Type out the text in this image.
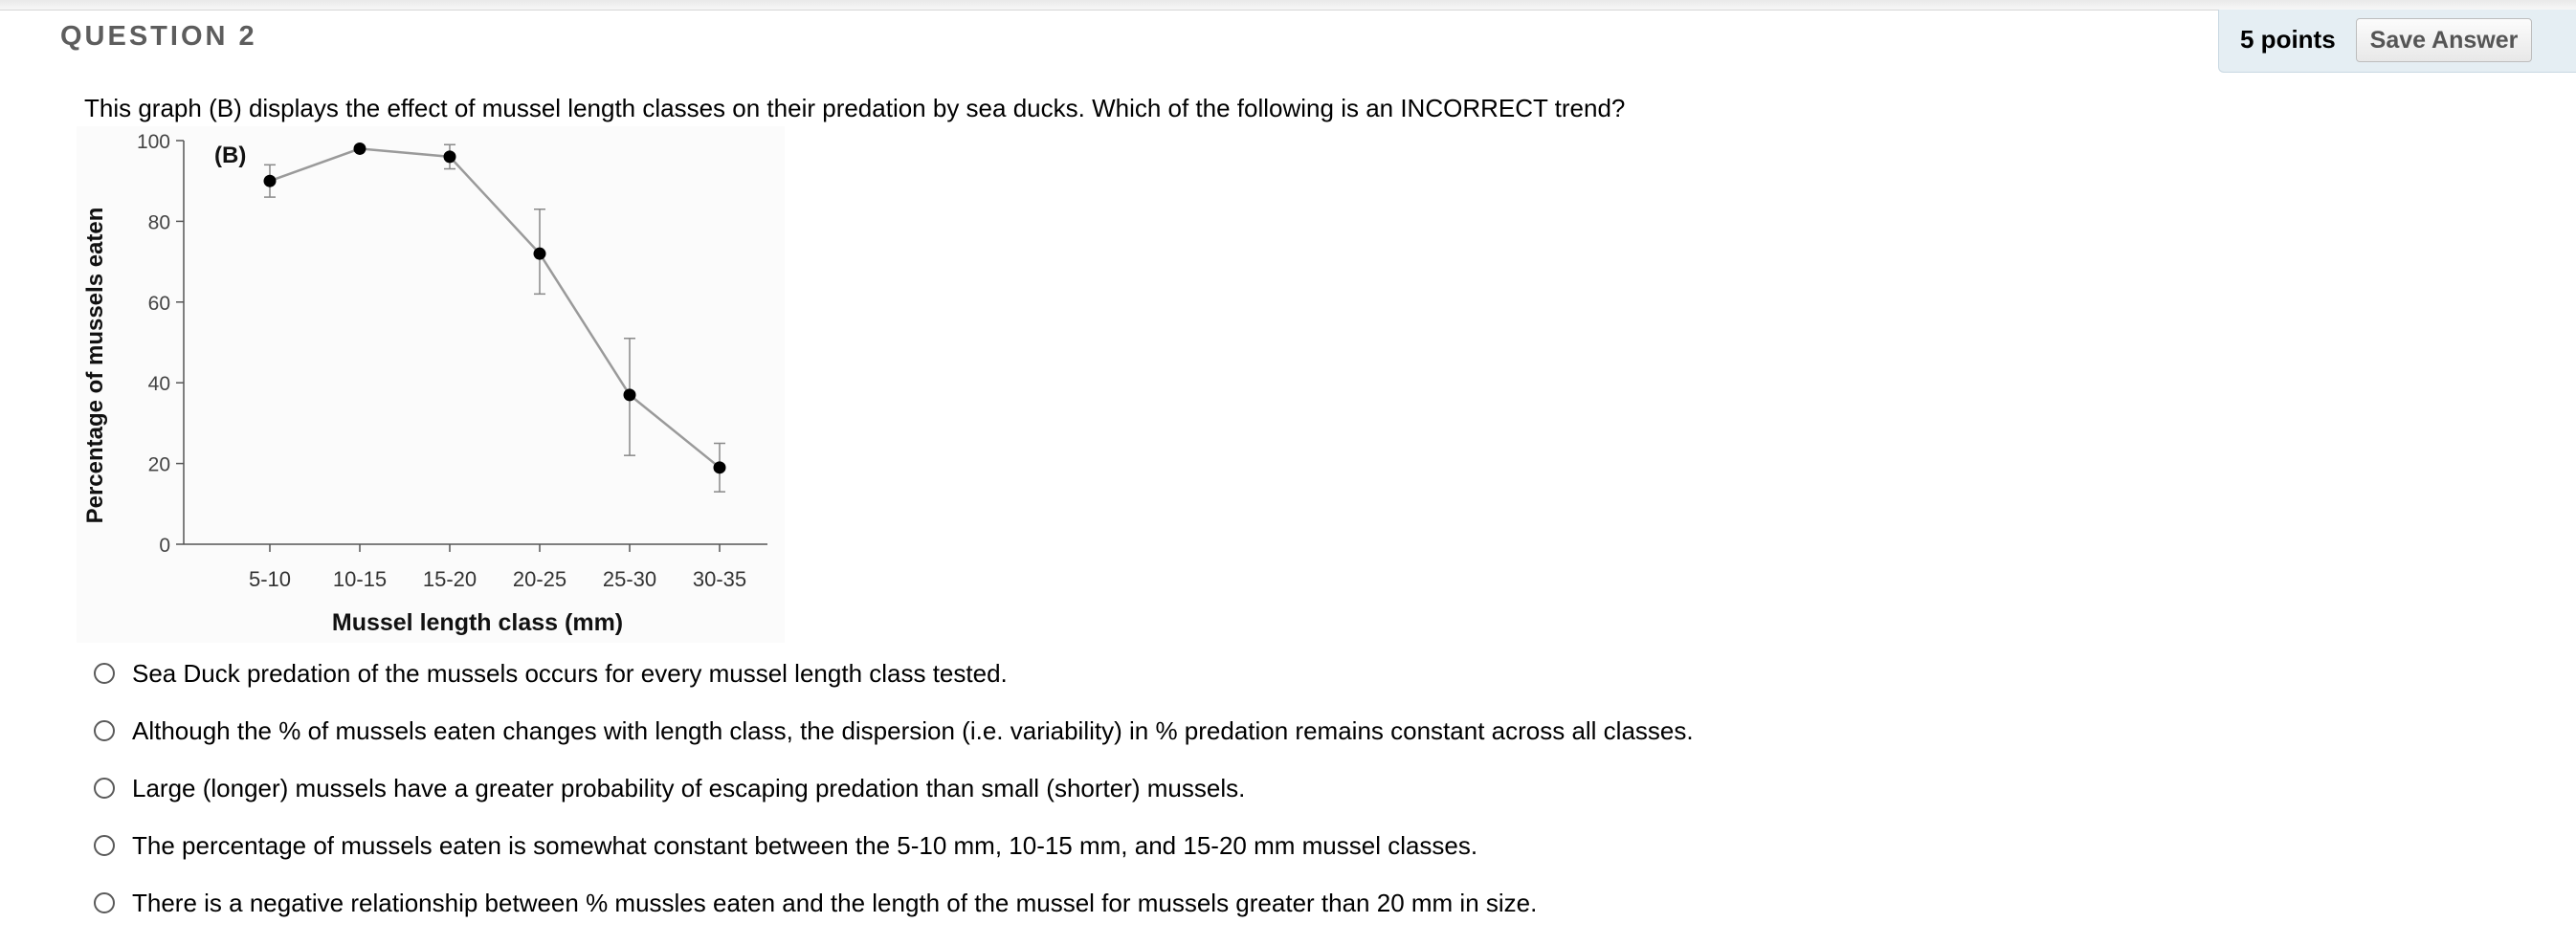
QUESTION 2	5 points	Save Answer
This graph (B) displays the effect of mussel length classes on their predation by sea ducks. Which of the following is an INCORRECT trend?
(B)
Percentage of mussels eaten
Mussel length class (mm)
0
20
40
60
80
100
5-10 10-15 15-20 20-25 25-30 30-35
Sea Duck predation of the mussels occurs for every mussel length class tested.
Although the % of mussels eaten changes with length class, the dispersion (i.e. variability) in % predation remains constant across all classes.
Large (longer) mussels have a greater probability of escaping predation than small (shorter) mussels.
The percentage of mussels eaten is somewhat constant between the 5-10 mm, 10-15 mm, and 15-20 mm mussel classes.
There is a negative relationship between % mussles eaten and the length of the mussel for mussels greater than 20 mm in size.
